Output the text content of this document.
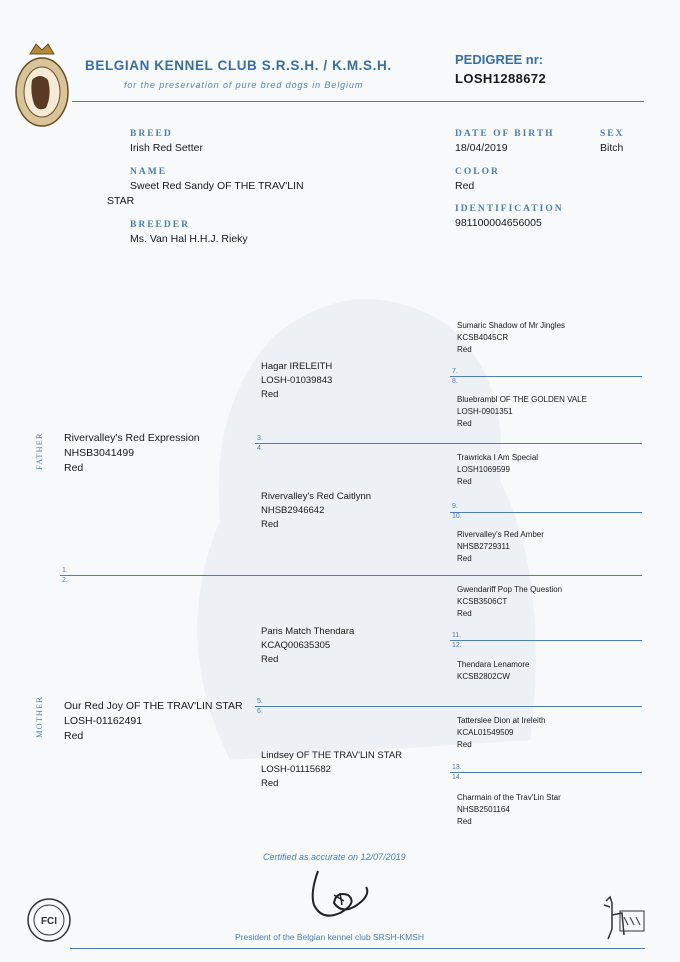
BELGIAN KENNEL CLUB S.R.S.H. / K.M.S.H.
for the preservation of pure bred dogs in Belgium
PEDIGREE nr:
LOSH1288672
BREED
Irish Red Setter
NAME
Sweet Red Sandy OF THE TRAV'LIN
STAR
BREEDER
Ms. Van Hal H.H.J. Rieky
DATE OF BIRTH
18/04/2019
SEX
Bitch
COLOR
Red
IDENTIFICATION
981100004656005
FATHER
MOTHER
1.
2.
3.
4.
5.
6.
7.
8.
9.
10.
11.
12.
13.
14.
Rivervalley's Red Expression
NHSB3041499
Red
Our Red Joy OF THE TRAV'LIN STAR
LOSH-01162491
Red
Hagar IRELEITH
LOSH-01039843
Red
Rivervalley's Red Caitlynn
NHSB2946642
Red
Paris Match Thendara
KCAQ00635305
Red
Lindsey OF THE TRAV'LIN STAR
LOSH-01115682
Red
Sumaric Shadow of Mr Jingles
KCSB4045CR
Red
Bluebrambl OF THE GOLDEN VALE
LOSH-0901351
Red
Trawricka I Am Special
LOSH1069599
Red
Rivervalley's Red Amber
NHSB2729311
Red
Gwendariff Pop The Question
KCSB3506CT
Red
Thendara Lenamore
KCSB2802CW
Tatterslee Dion at Ireleith
KCAL01549509
Red
Charmain of the Trav'Lin Star
NHSB2501164
Red
Certified as accurate on 12/07/2019
President of the Belgian kennel club SRSH-KMSH
FCI
